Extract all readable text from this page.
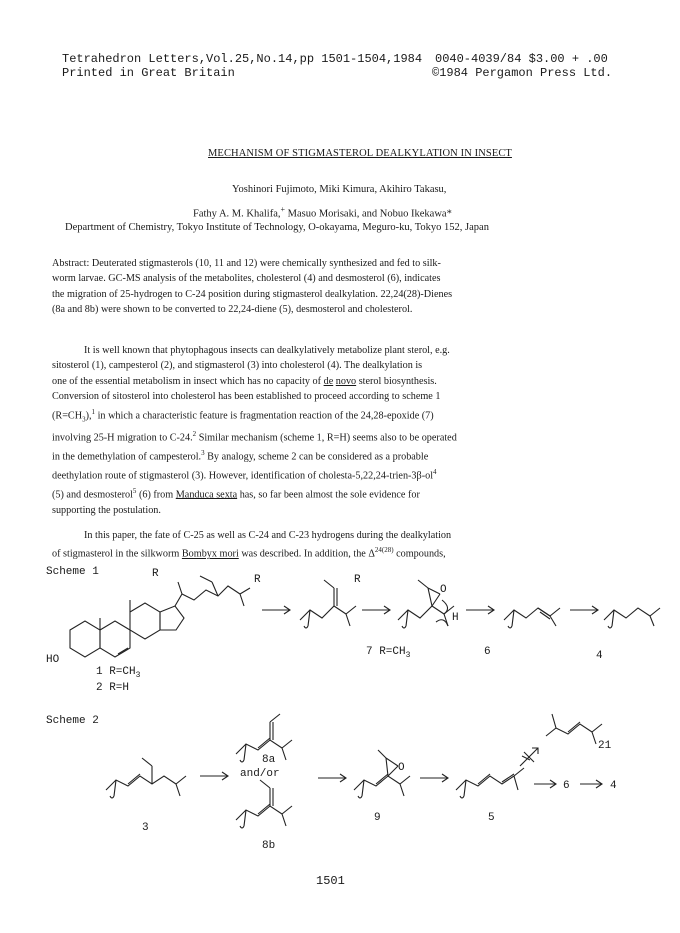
Tetrahedron Letters,Vol.25,No.14,pp 1501-1504,1984 0040-4039/84 $3.00 + .00
Printed in Great Britain	©1984 Pergamon Press Ltd.
MECHANISM OF STIGMASTEROL DEALKYLATION IN INSECT
Yoshinori Fujimoto, Miki Kimura, Akihiro Takasu,
Fathy A. M. Khalifa,+ Masuo Morisaki, and Nobuo Ikekawa*
Department of Chemistry, Tokyo Institute of Technology, O-okayama, Meguro-ku, Tokyo 152, Japan
Abstract: Deuterated stigmasterols (10, 11 and 12) were chemically synthesized and fed to silk-
worm larvae. GC-MS analysis of the metabolites, cholesterol (4) and desmosterol (6), indicates
the migration of 25-hydrogen to C-24 position during stigmasterol dealkylation. 22,24(28)-Dienes
(8a and 8b) were shown to be converted to 22,24-diene (5), desmosterol and cholesterol.
It is well known that phytophagous insects can dealkylatively metabolize plant sterol, e.g.
sitosterol (1), campesterol (2), and stigmasterol (3) into cholesterol (4). The dealkylation is
one of the essential metabolism in insect which has no capacity of de novo sterol biosynthesis.
Conversion of sitosterol into cholesterol has been established to proceed according to scheme 1
$(R=CH_3),^1$ in which a characteristic feature is fragmentation reaction of the 24,28-epoxide (7)
involving 25-H migration to C-24.$^2$ Similar mechanism (scheme 1, R=H) seems also to be operated
in the demethylation of campesterol.$^3$ By analogy, scheme 2 can be considered as a probable
deethylation route of stigmasterol (3). However, identification of cholesta-$5,22,24-trien-3\beta-ol^4$
(5) and desmosterol$^5$ (6) from Manduca sexta has, so far been almost the sole evidence for
supporting the postulation.
In this paper, the fate of C-25 as well as C-24 and C-23 hydrogens during the dealkylation
of stigmasterol in the silkworm Bombyx mori was described. In addition, the $\Delta^{24(28)}$ compounds,
Scheme 1	R	R	R
O
H
HO
7 $R=CH_3$	6	4
1 $R=CH_3$
2 R=H
Scheme 2
3
8a
and/or
8b
O
9	5
21
6	4
1501
